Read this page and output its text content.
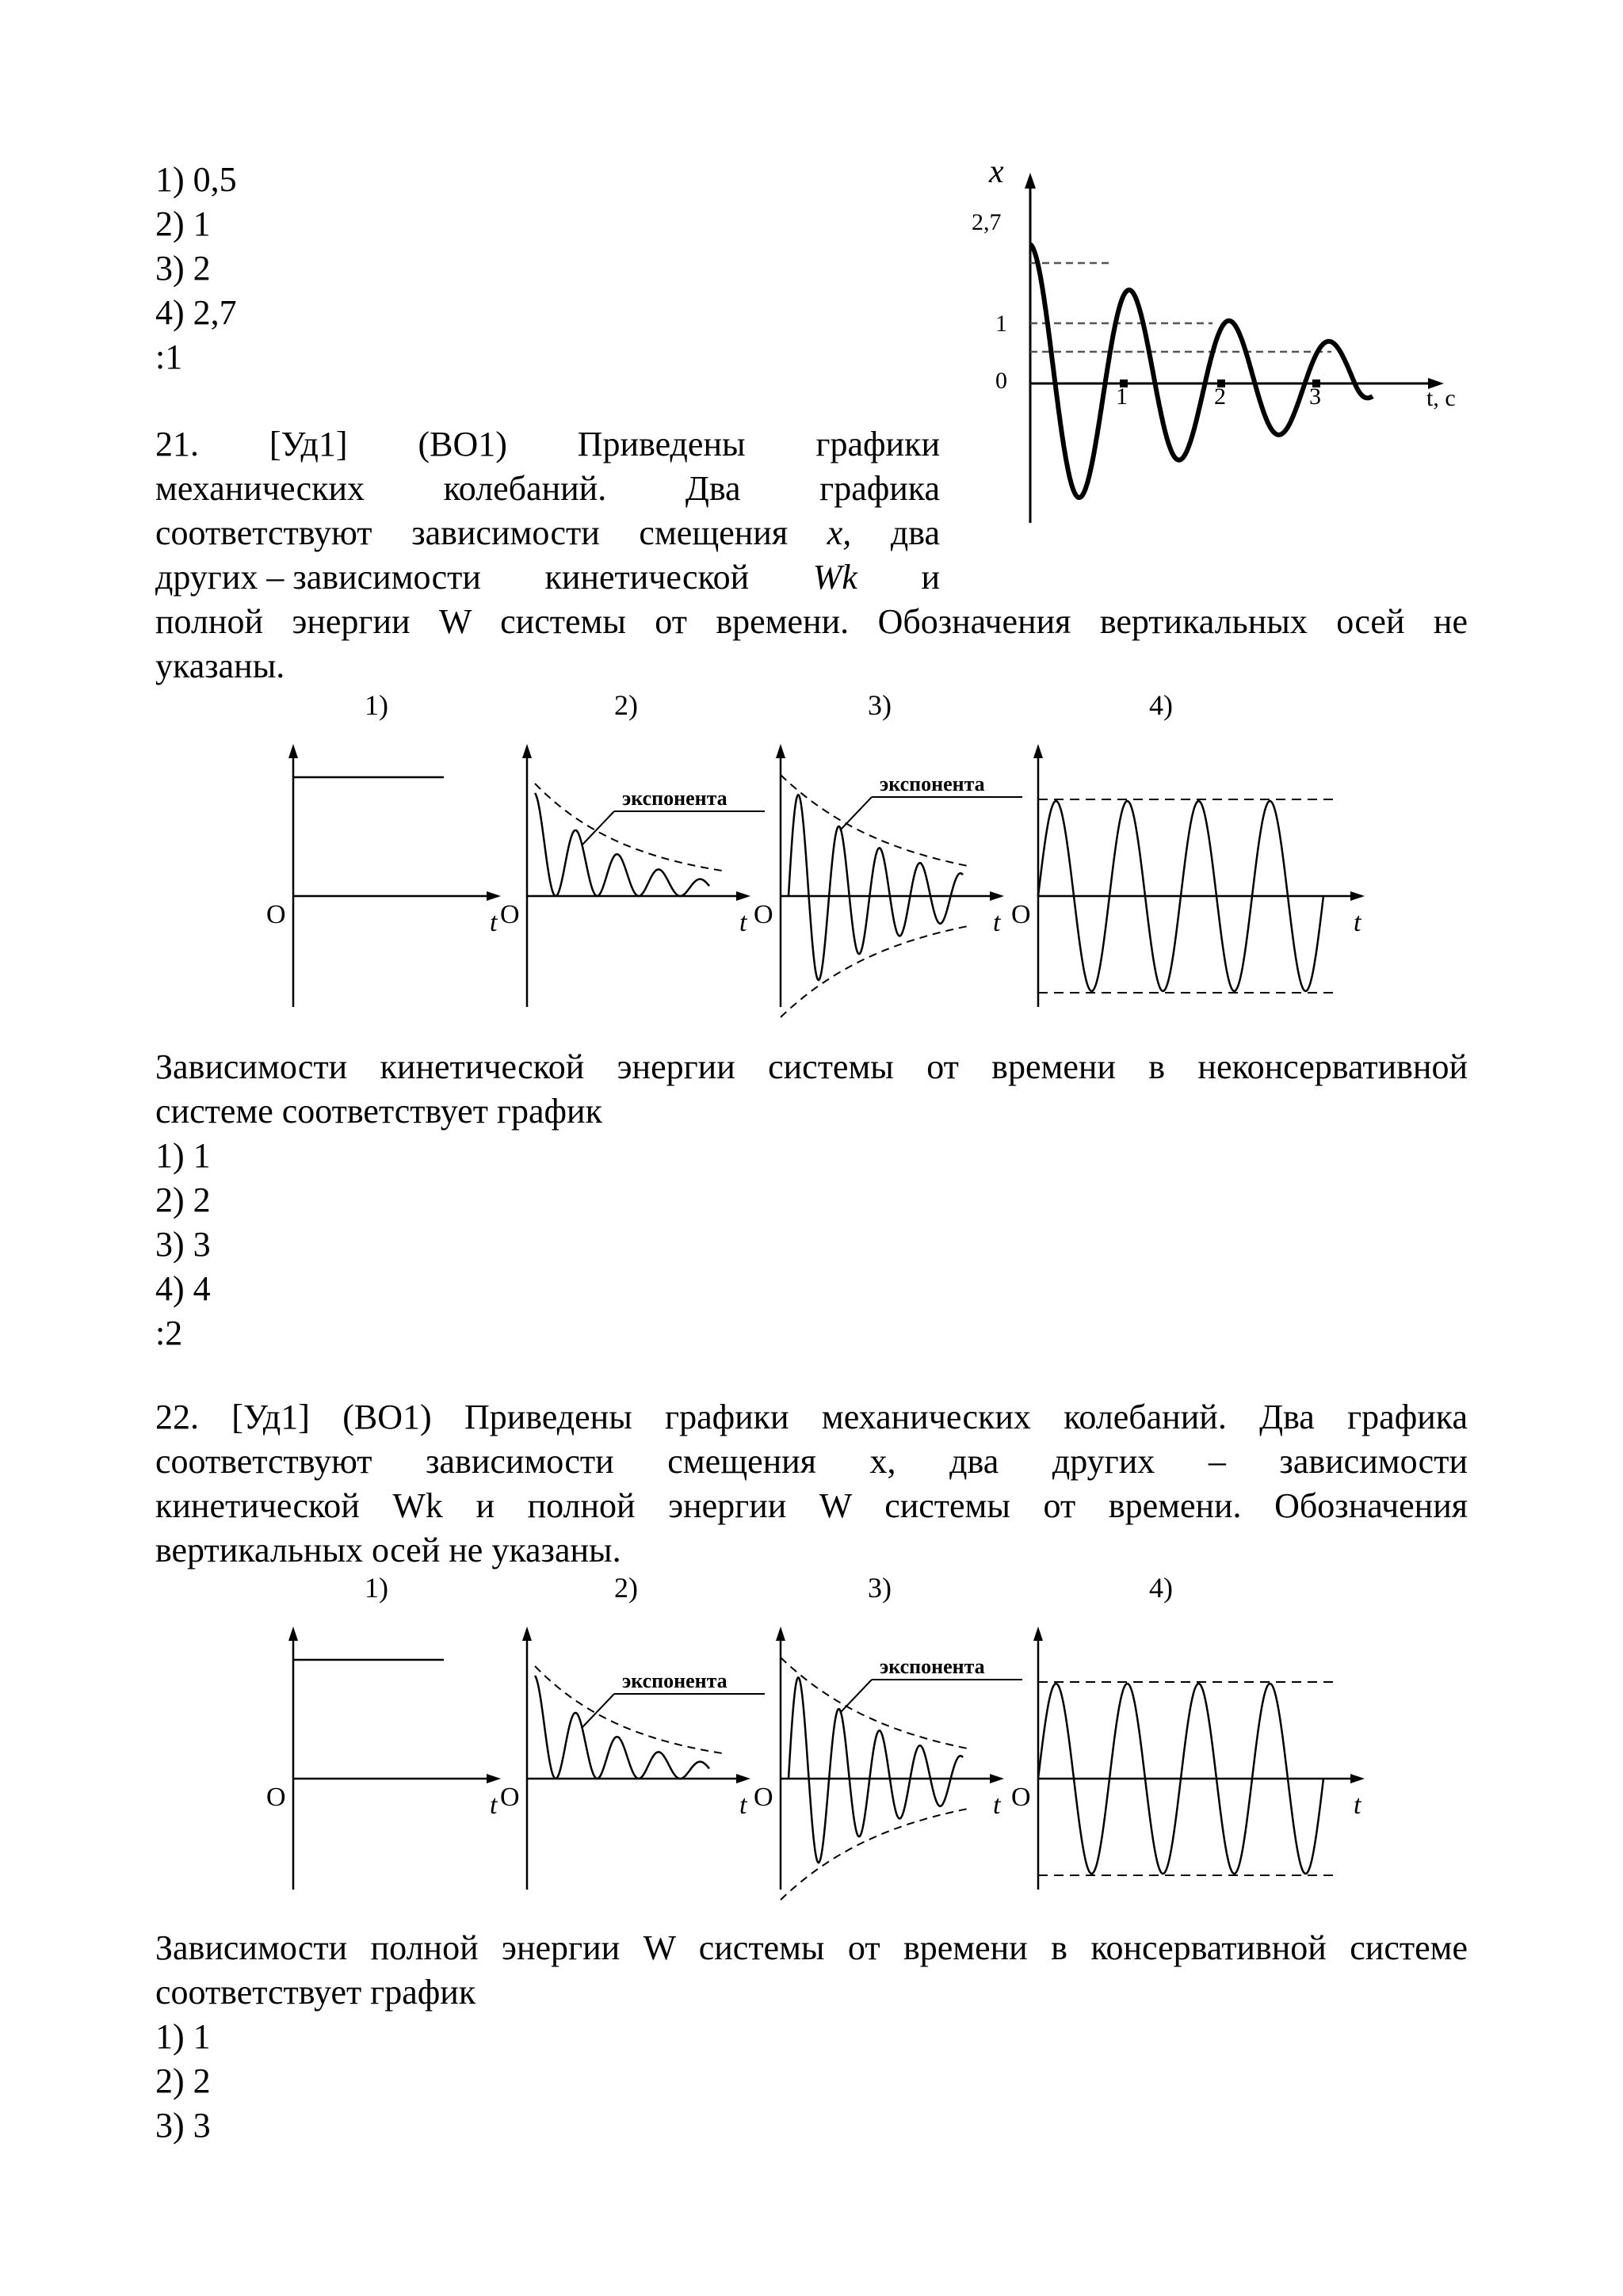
1) 0,5
2) 1
3) 2
4) 2,7
:1
x
2,7
1
0
1	2	3	t, c
21. [Уд1] (ВО1) Приведены графики
механических колебаний. Два графика
соответствуют зависимости смещения x, два
других – зависимости кинетической Wk и
полной энергии W системы от времени. Обозначения вертикальных осей не
указаны.
1)
O	t
2)
O	t
экспонента
3)
O	t
экспонента
4)
O	t
Зависимости кинетической энергии системы от времени в неконсервативной
системе соответствует график
1) 1
2) 2
3) 3
4) 4
:2
22. [Уд1] (ВО1) Приведены графики механических колебаний. Два графика
соответствуют зависимости смещения x, два других – зависимости
кинетической Wk и полной энергии W системы от времени. Обозначения
вертикальных осей не указаны.
1)
O	t
2)
O	t
экспонента
3)
O	t
экспонента
4)
O	t
Зависимости полной энергии W системы от времени в консервативной системе
соответствует график
1) 1
2) 2
3) 3
